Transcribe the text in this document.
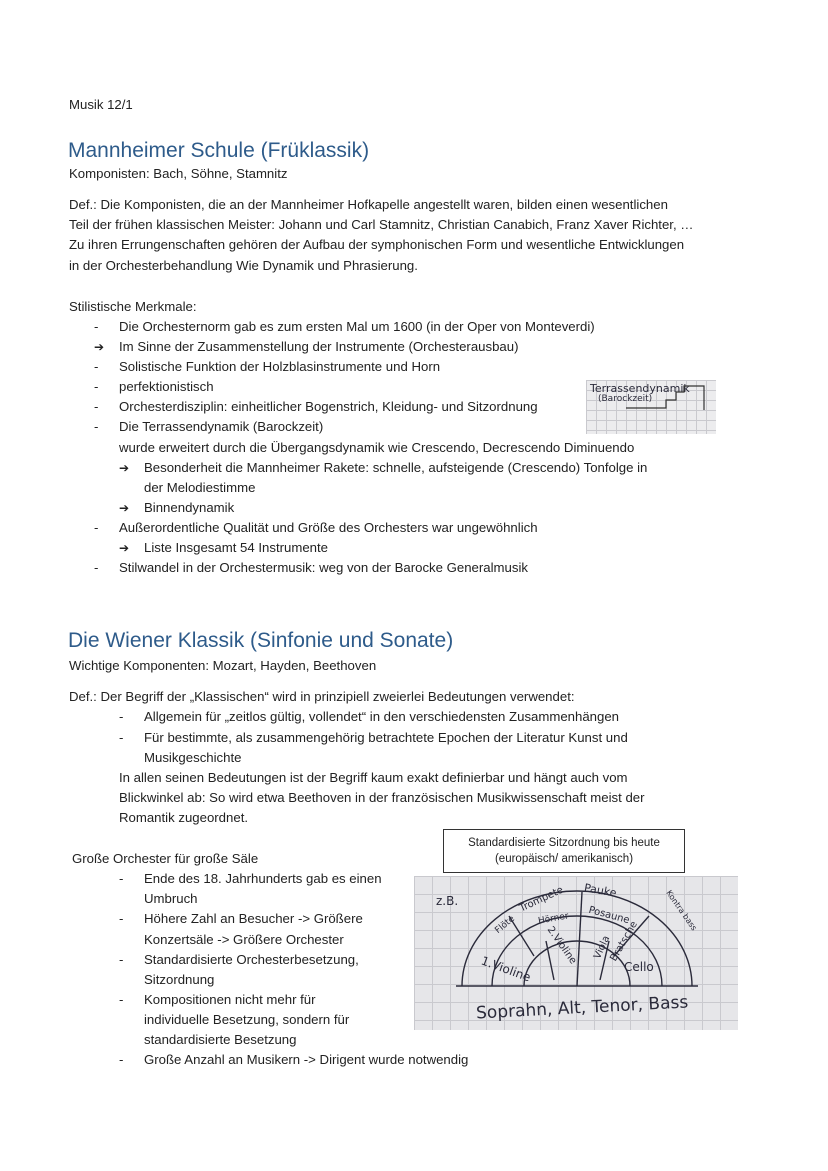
Musik 12/1
Mannheimer Schule (Früklassik)
Komponisten: Bach, Söhne, Stamnitz
Def.: Die Komponisten, die an der Mannheimer Hofkapelle angestellt waren, bilden einen wesentlichen
Teil der frühen klassischen Meister: Johann und Carl Stamnitz, Christian Canabich, Franz Xaver Richter, …
Zu ihren Errungenschaften gehören der Aufbau der symphonischen Form und wesentliche Entwicklungen
in der Orchesterbehandlung Wie Dynamik und Phrasierung.
Stilistische Merkmale:
- Die Orchesternorm gab es zum ersten Mal um 1600 (in der Oper von Monteverdi)
➔ Im Sinne der Zusammenstellung der Instrumente (Orchesterausbau)
- Solistische Funktion der Holzblasinstrumente und Horn
- perfektionistisch
- Orchesterdisziplin: einheitlicher Bogenstrich, Kleidung- und Sitzordnung
- Die Terrassendynamik (Barockzeit)
wurde erweitert durch die Übergangsdynamik wie Crescendo, Decrescendo Diminuendo
➔ Besonderheit die Mannheimer Rakete: schnelle, aufsteigende (Crescendo) Tonfolge in
der Melodiestimme
➔ Binnendynamik
- Außerordentliche Qualität und Größe des Orchesters war ungewöhnlich
➔ Liste Insgesamt 54 Instrumente
- Stilwandel in der Orchestermusik: weg von der Barocke Generalmusik
Terrassendynamik
(Barockzeit)
Die Wiener Klassik (Sinfonie und Sonate)
Wichtige Komponenten: Mozart, Hayden, Beethoven
Def.: Der Begriff der „Klassischen“ wird in prinzipiell zweierlei Bedeutungen verwendet:
- Allgemein für „zeitlos gültig, vollendet“ in den verschiedensten Zusammenhängen
- Für bestimmte, als zusammengehörig betrachtete Epochen der Literatur Kunst und
Musikgeschichte
In allen seinen Bedeutungen ist der Begriff kaum exakt definierbar und hängt auch vom
Blickwinkel ab: So wird etwa Beethoven in der französischen Musikwissenschaft meist der
Romantik zugeordnet.
Standardisierte Sitzordnung bis heute
(europäisch/ amerikanisch)
Große Orchester für große Säle
- Ende des 18. Jahrhunderts gab es einen
Umbruch
- Höhere Zahl an Besucher -> Größere
Konzertsäle -> Größere Orchester
- Standardisierte Orchesterbesetzung,
Sitzordnung
- Kompositionen nicht mehr für
individuelle Besetzung, sondern für
standardisierte Besetzung
- Große Anzahl an Musikern -> Dirigent wurde notwendig
z.B.	Trompete Pauke
Flöte Hörner Posaune	Kontra bass
2.Violine Viola
Bratsche
1.Violine	Cello
Soprahn, Alt, Tenor, Bass
